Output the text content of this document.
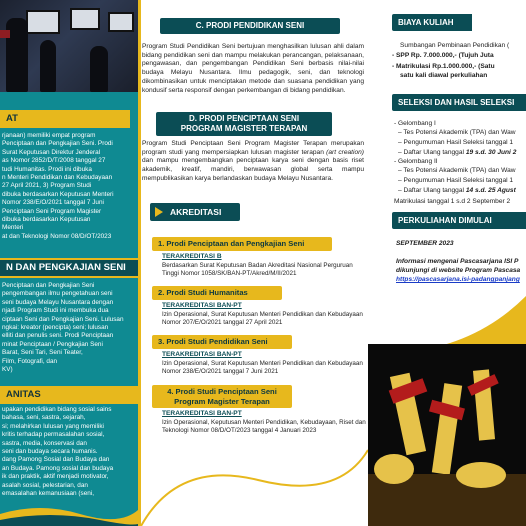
AT
rjanaan) memiliki empat program
Penciptaan dan Pengkajian Seni. Prodi
Surat Keputusan Direktur Jenderal
as Nomor 2852/D/T/2008 tanggal 27
tudi Humanitas. Prodi ini dibuka
n Menteri Pendidikan dan Kebudayaan
27 April 2021, 3) Program Studi
dibuka berdasarkan Keputusan Menteri
Nomor 238/E/O/2021 tanggal 7 Juni
Penciptaan Seni Program Magister
dibuka berdasarkan Keputusan
Menteri
at dan Teknologi Nomor 08/D/OT/2023
N DAN PENGKAJIAN SENI
Penciptaan dan Pengkajian Seni
pengembangan ilmu pengetahuan seni
seni budaya Melayu Nusantara dengan
njadi Program Studi ini membuka dua
ciptaan Seni dan Pengkajian Seni. Lulusan
ngkai: kreator (pencipta) seni; lulusan
elliti dan penulis seni. Prodi Penciptaan
minat Penciptaan / Pengkajian Seni
Barat, Seni Tari, Seni Teater,
Film, Fotografi, dan
KV)
ANITAS
upakan pendidikan bidang sosial sains
bahasa, seni, sastra, sejarah,
si; melahirkan lulusan yang memiliki
kritis terhadap permasalahan sosial,
sastra, media, konservasi dan
seni dan budaya secara humanis.
dang Pamong Sosial dan Budaya dan
an Budaya. Pamong sosial dan budaya
ik dan praktik, aktif menjadi motivator,
asalah sosial, pelestarian, dan
emasalahan kemanusiaan (seni,
C. PRODI PENDIDIKAN SENI
Program Studi Pendidikan Seni bertujuan menghasilkan lulusan ahli dalam bidang pendidikan seni dan mampu melakukan perancangan, pelaksanaan, pengawasan, dan pengembangan Pendidikan Seni berbasis nilai-nilai budaya Melayu Nusantara. Ilmu pedagogik, seni, dan teknologi dikombinasikan untuk menciptakan metode dan suasana pendidikan yang kondusif serta responsif dengan perkembangan di bidang pendidikan.
D. PRODI PENCIPTAAN SENI
PROGRAM MAGISTER TERAPAN
Program Studi Penciptaan Seni Program Magister Terapan merupakan program studi yang mempersiapkan lulusan magister terapan (art creation) dan mampu mengembangkan penciptaan karya seni dengan basis riset akademik, kreatif, mandiri, berwawasan global serta mampu mempublikasikan karya berlandaskan budaya Melayu Nusantara.
AKREDITASI
1. Prodi Penciptaan dan Pengkajian Seni
TERAKREDITASI B
Berdasarkan Surat Keputusan Badan Akreditasi Nasional Perguruan Tinggi Nomor 1058/SK/BAN-PT/Akred/M/II/2021
2. Prodi Studi Humanitas
TERAKREDITASI BAN-PT
Izin Operasional, Surat Keputusan Menteri Pendidikan dan Kebudayaan Nomor 207/E/O/2021 tanggal 27 April 2021
3. Prodi Studi Pendidikan Seni
TERAKREDITASI BAN-PT
Izin Operasional, Surat Keputusan Menteri Pendidikan dan Kebudayaan Nomor 238/E/O/2021 tanggal 7 Juni 2021
4. Prodi Studi Penciptaan Seni
Program Magister Terapan
TERAKREDITASI BAN-PT
Izin Operasional, Keputusan Menteri Pendidikan, Kebudayaan, Riset dan Teknologi Nomor 08/D/OT/2023 tanggal 4 Januari 2023
BIAYA KULIAH
Sumbangan Pembinaan Pendidikan (
- SPP Rp. 7.000.000,- (Tujuh Juta
- Matrikulasi Rp.1.000.000,- (Satu
satu kali diawal perkuliahan
SELEKSI DAN HASIL SELEKSI
- Gelombang I
– Tes Potensi Akademik (TPA) dan Waw
– Pengumuman Hasil Seleksi tanggal 1
– Daftar Ulang tanggal 19 s.d. 30 Juni 2
- Gelombang II
– Tes Potensi Akademik (TPA) dan Waw
– Pengumuman Hasil Seleksi tanggal 1
– Daftar Ulang tanggal 14 s.d. 25 Agust
Matrikulasi tanggal 1 s.d 2 September 2
PERKULIAHAN DIMULAI
SEPTEMBER 2023
Informasi mengenai Pascasarjana ISI P
dikunjungi di website Program Pascasa
https://pascasarjana.isi-padangpanjang
